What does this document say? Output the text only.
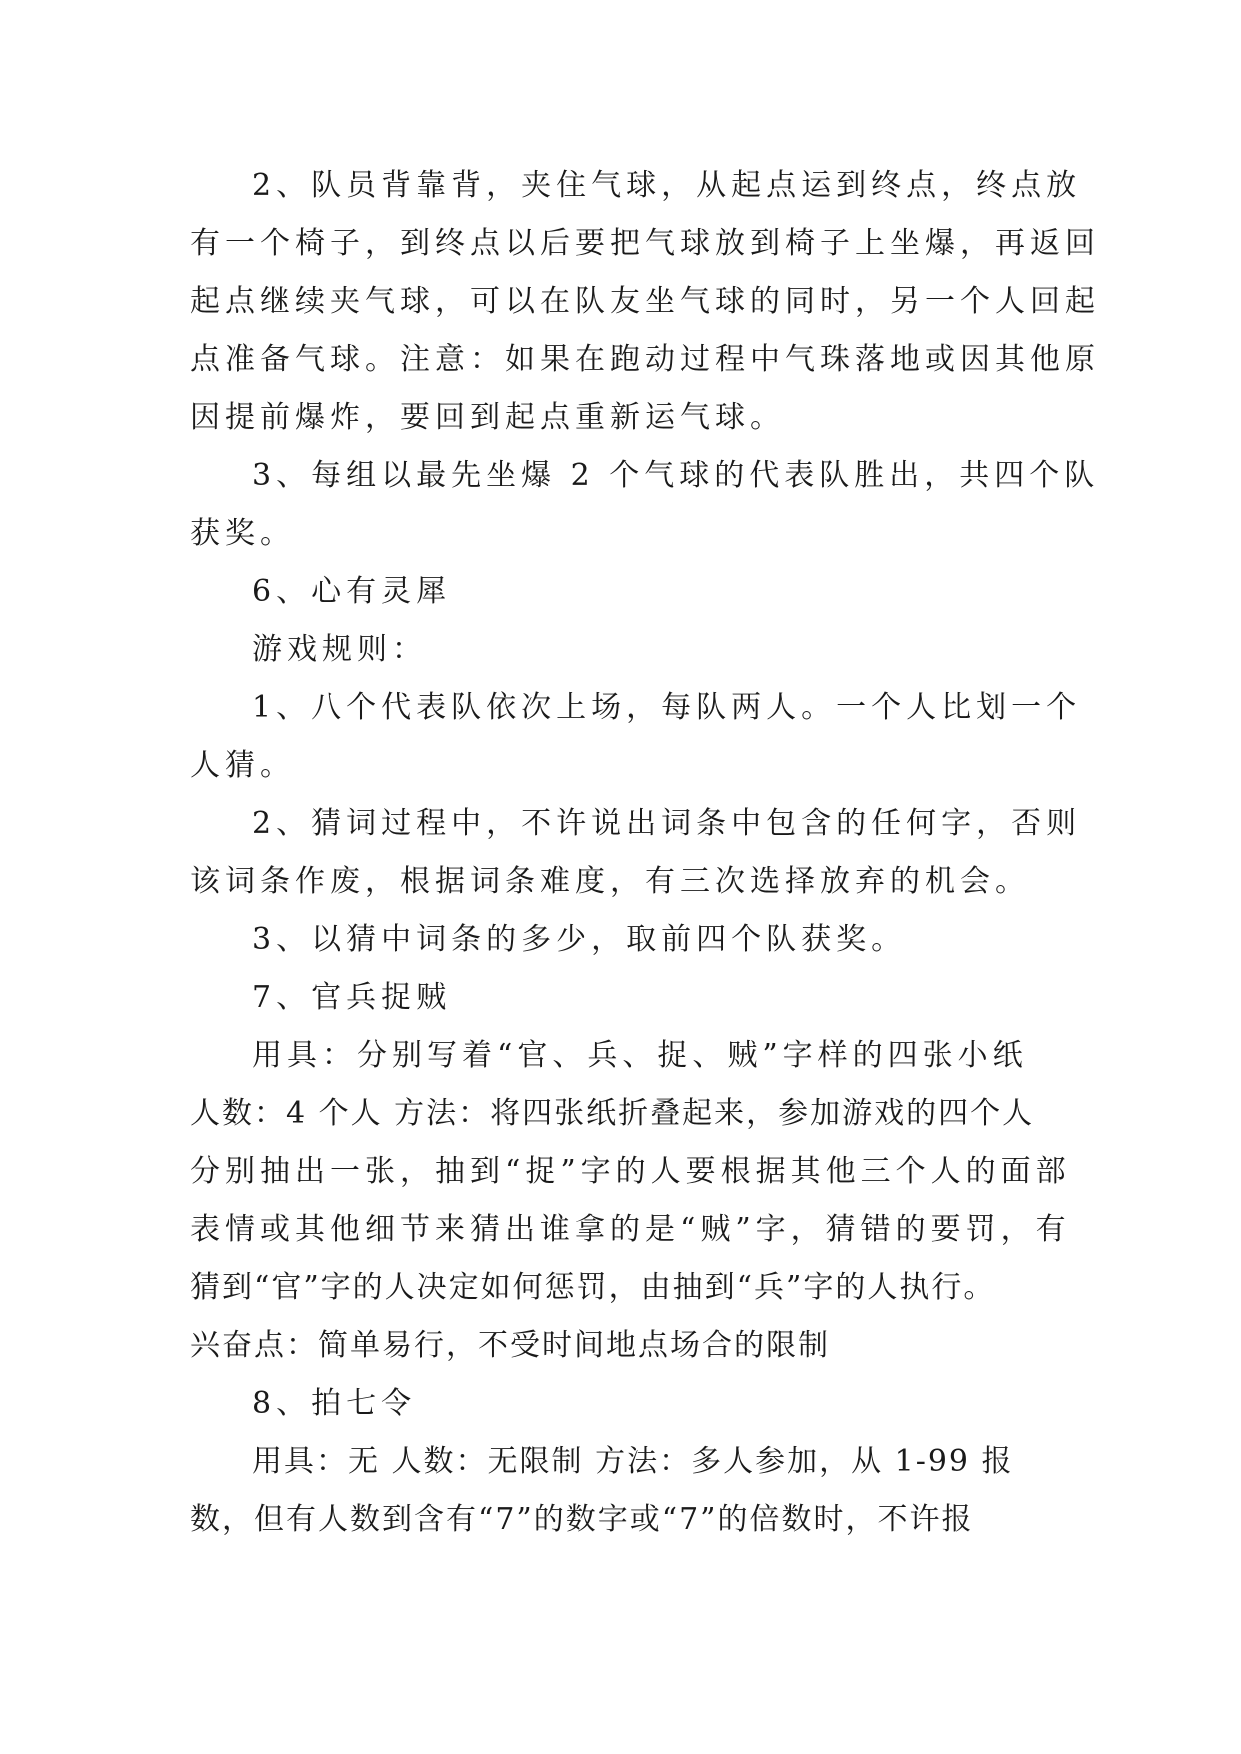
2、队员背靠背，夹住气球，从起点运到终点，终点放
有一个椅子，到终点以后要把气球放到椅子上坐爆，再返回
起点继续夹气球，可以在队友坐气球的同时，另一个人回起
点准备气球。注意：如果在跑动过程中气珠落地或因其他原
因提前爆炸，要回到起点重新运气球。
3、每组以最先坐爆 2 个气球的代表队胜出，共四个队
获奖。
6、心有灵犀
游戏规则：
1、八个代表队依次上场，每队两人。一个人比划一个
人猜。
2、猜词过程中，不许说出词条中包含的任何字，否则
该词条作废，根据词条难度，有三次选择放弃的机会。
3、以猜中词条的多少，取前四个队获奖。
7、官兵捉贼
用具：分别写着“官、兵、捉、贼”字样的四张小纸
人数：4 个人 方法：将四张纸折叠起来，参加游戏的四个人
分别抽出一张，抽到“捉”字的人要根据其他三个人的面部
表情或其他细节来猜出谁拿的是“贼”字，猜错的要罚，有
猜到“官”字的人决定如何惩罚，由抽到“兵”字的人执行。
兴奋点：简单易行，不受时间地点场合的限制
8、拍七令
用具：无 人数：无限制 方法：多人参加，从 1-99 报
数，但有人数到含有“7”的数字或“7”的倍数时，不许报
